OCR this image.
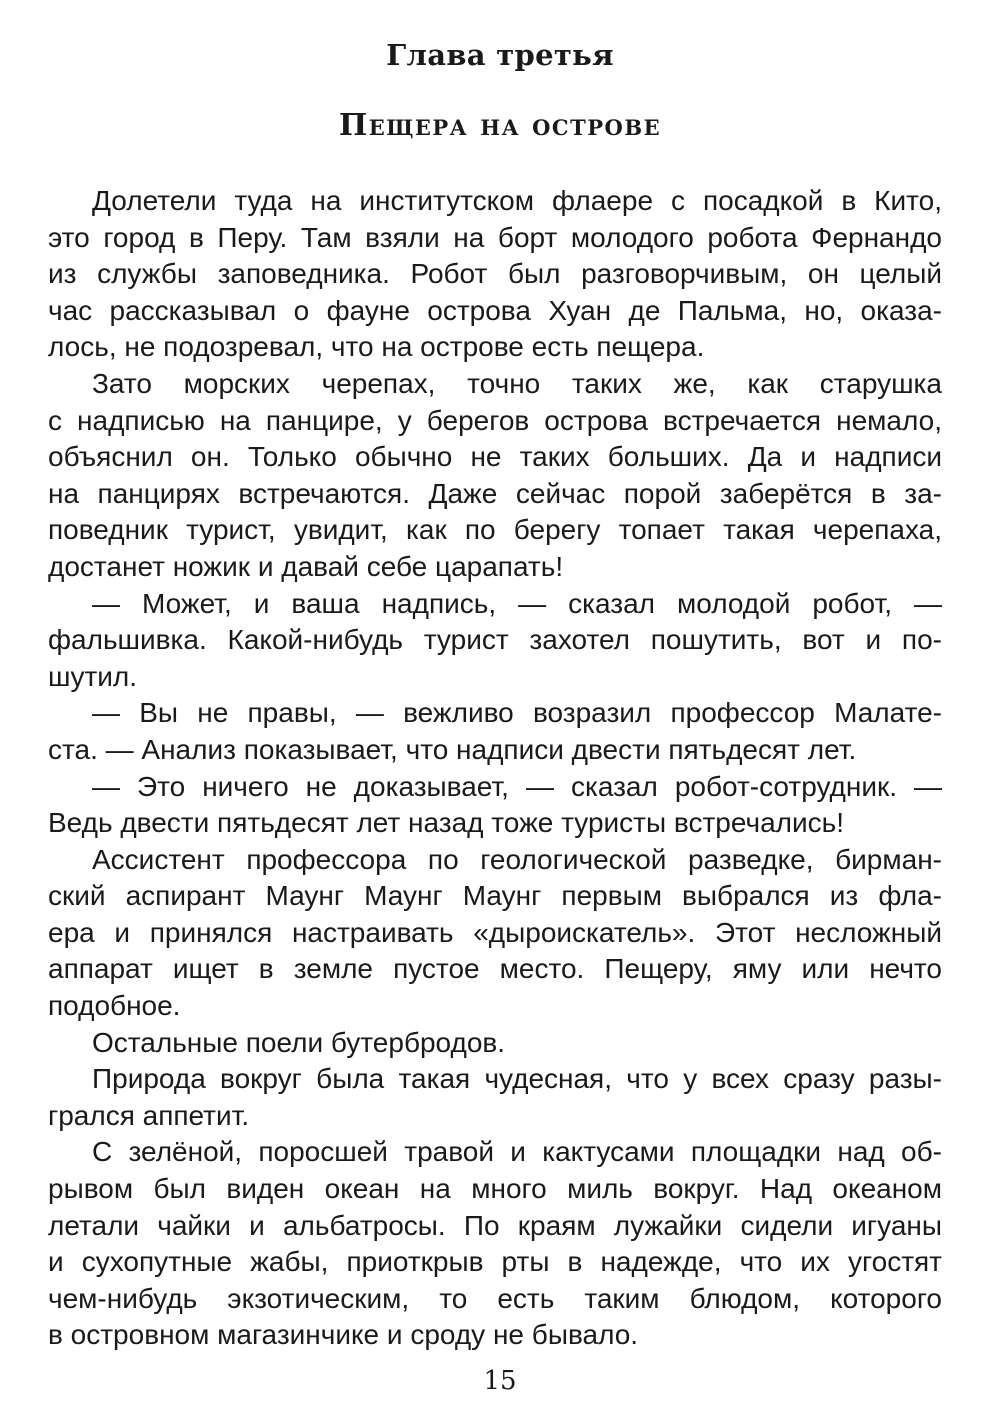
Глава третья
Пещера на острове
Долетели туда на институтском флаере с посадкой в Кито,
это город в Перу. Там взяли на борт молодого робота Фернандо
из службы заповедника. Робот был разговорчивым, он целый
час рассказывал о фауне острова Хуан де Пальма, но, оказа-
лось, не подозревал, что на острове есть пещера.
Зато морских черепах, точно таких же, как старушка
с надписью на панцире, у берегов острова встречается немало,
объяснил он. Только обычно не таких больших. Да и надписи
на панцирях встречаются. Даже сейчас порой заберётся в за-
поведник турист, увидит, как по берегу топает такая черепаха,
достанет ножик и давай себе царапать!
— Может, и ваша надпись, — сказал молодой робот, —
фальшивка. Какой-нибудь турист захотел пошутить, вот и по-
шутил.
— Вы не правы, — вежливо возразил профессор Малате-
ста. — Анализ показывает, что надписи двести пятьдесят лет.
— Это ничего не доказывает, — сказал робот-сотрудник. —
Ведь двести пятьдесят лет назад тоже туристы встречались!
Ассистент профессора по геологической разведке, бирман-
ский аспирант Маунг Маунг Маунг первым выбрался из фла-
ера и принялся настраивать «дыроискатель». Этот несложный
аппарат ищет в земле пустое место. Пещеру, яму или нечто
подобное.
Остальные поели бутербродов.
Природа вокруг была такая чудесная, что у всех сразу разы-
грался аппетит.
С зелёной, поросшей травой и кактусами площадки над об-
рывом был виден океан на много миль вокруг. Над океаном
летали чайки и альбатросы. По краям лужайки сидели игуаны
и сухопутные жабы, приоткрыв рты в надежде, что их угостят
чем-нибудь экзотическим, то есть таким блюдом, которого
в островном магазинчике и сроду не бывало.
15
